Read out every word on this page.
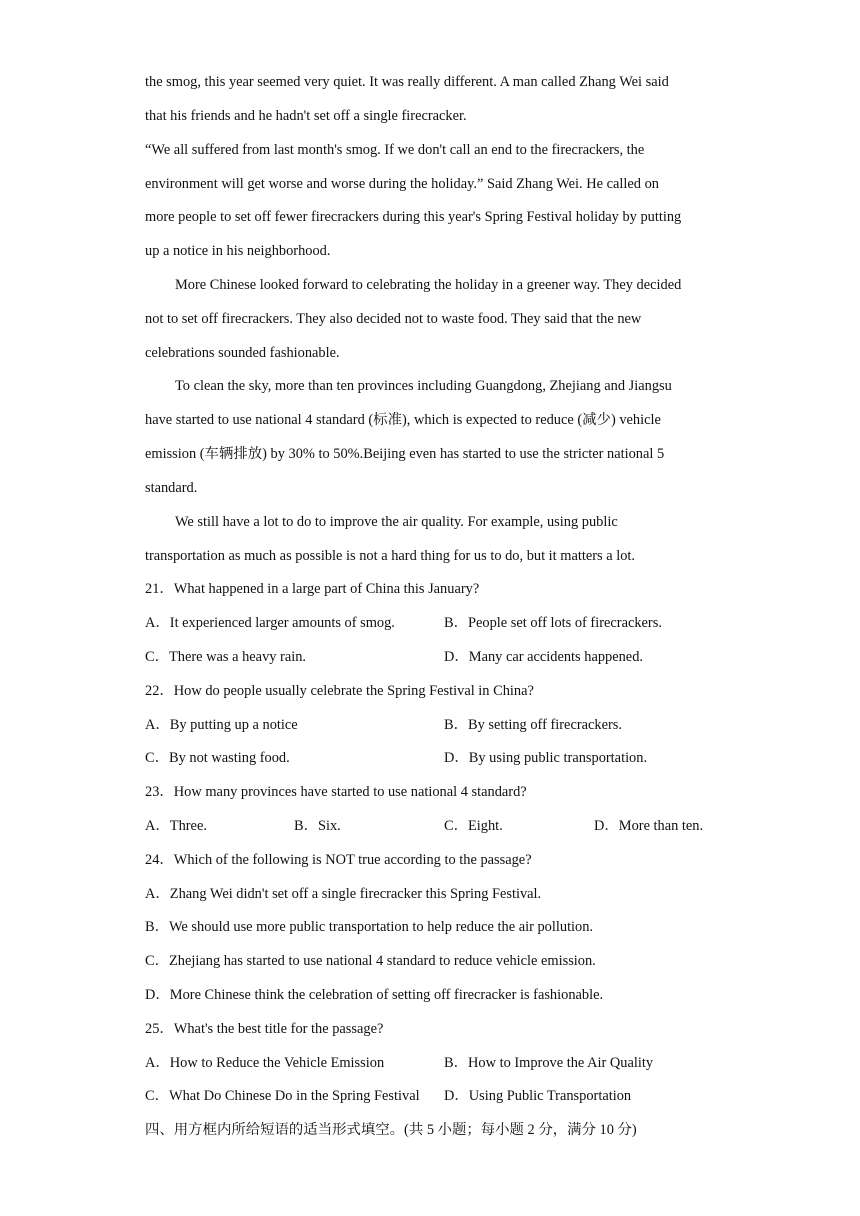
the smog, this year seemed very quiet. It was really different. A man called Zhang Wei said
that his friends and he hadn't set off a single firecracker.
“We all suffered from last month's smog. If we don't call an end to the firecrackers, the
environment will get worse and worse during the holiday.” Said Zhang Wei. He called on
more people to set off fewer firecrackers during this year's Spring Festival holiday by putting
up a notice in his neighborhood.
More Chinese looked forward to celebrating the holiday in a greener way. They decided
not to set off firecrackers. They also decided not to waste food. They said that the new
celebrations sounded fashionable.
To clean the sky, more than ten provinces including Guangdong, Zhejiang and Jiangsu
have started to use national 4 standard (标准), which is expected to reduce (减少) vehicle
emission (车辆排放) by 30% to 50%.Beijing even has started to use the stricter national 5
standard.
We still have a lot to do to improve the air quality. For example, using public
transportation as much as possible is not a hard thing for us to do, but it matters a lot.
21．What happened in a large part of China this January?
A．It experienced larger amounts of smog.	B．People set off lots of firecrackers.
C．There was a heavy rain.	D．Many car accidents happened.
22．How do people usually celebrate the Spring Festival in China?
A．By putting up a notice	B．By setting off firecrackers.
C．By not wasting food.	D．By using public transportation.
23．How many provinces have started to use national 4 standard?
A．Three.	B．Six.	C．Eight.	D．More than ten.
24．Which of the following is NOT true according to the passage?
A．Zhang Wei didn't set off a single firecracker this Spring Festival.
B．We should use more public transportation to help reduce the air pollution.
C．Zhejiang has started to use national 4 standard to reduce vehicle emission.
D．More Chinese think the celebration of setting off firecracker is fashionable.
25．What's the best title for the passage?
A．How to Reduce the Vehicle Emission	B．How to Improve the Air Quality
C．What Do Chinese Do in the Spring Festival D．Using Public Transportation
四、用方框内所给短语的适当形式填空。(共 5 小题；每小题 2 分，满分 10 分)
